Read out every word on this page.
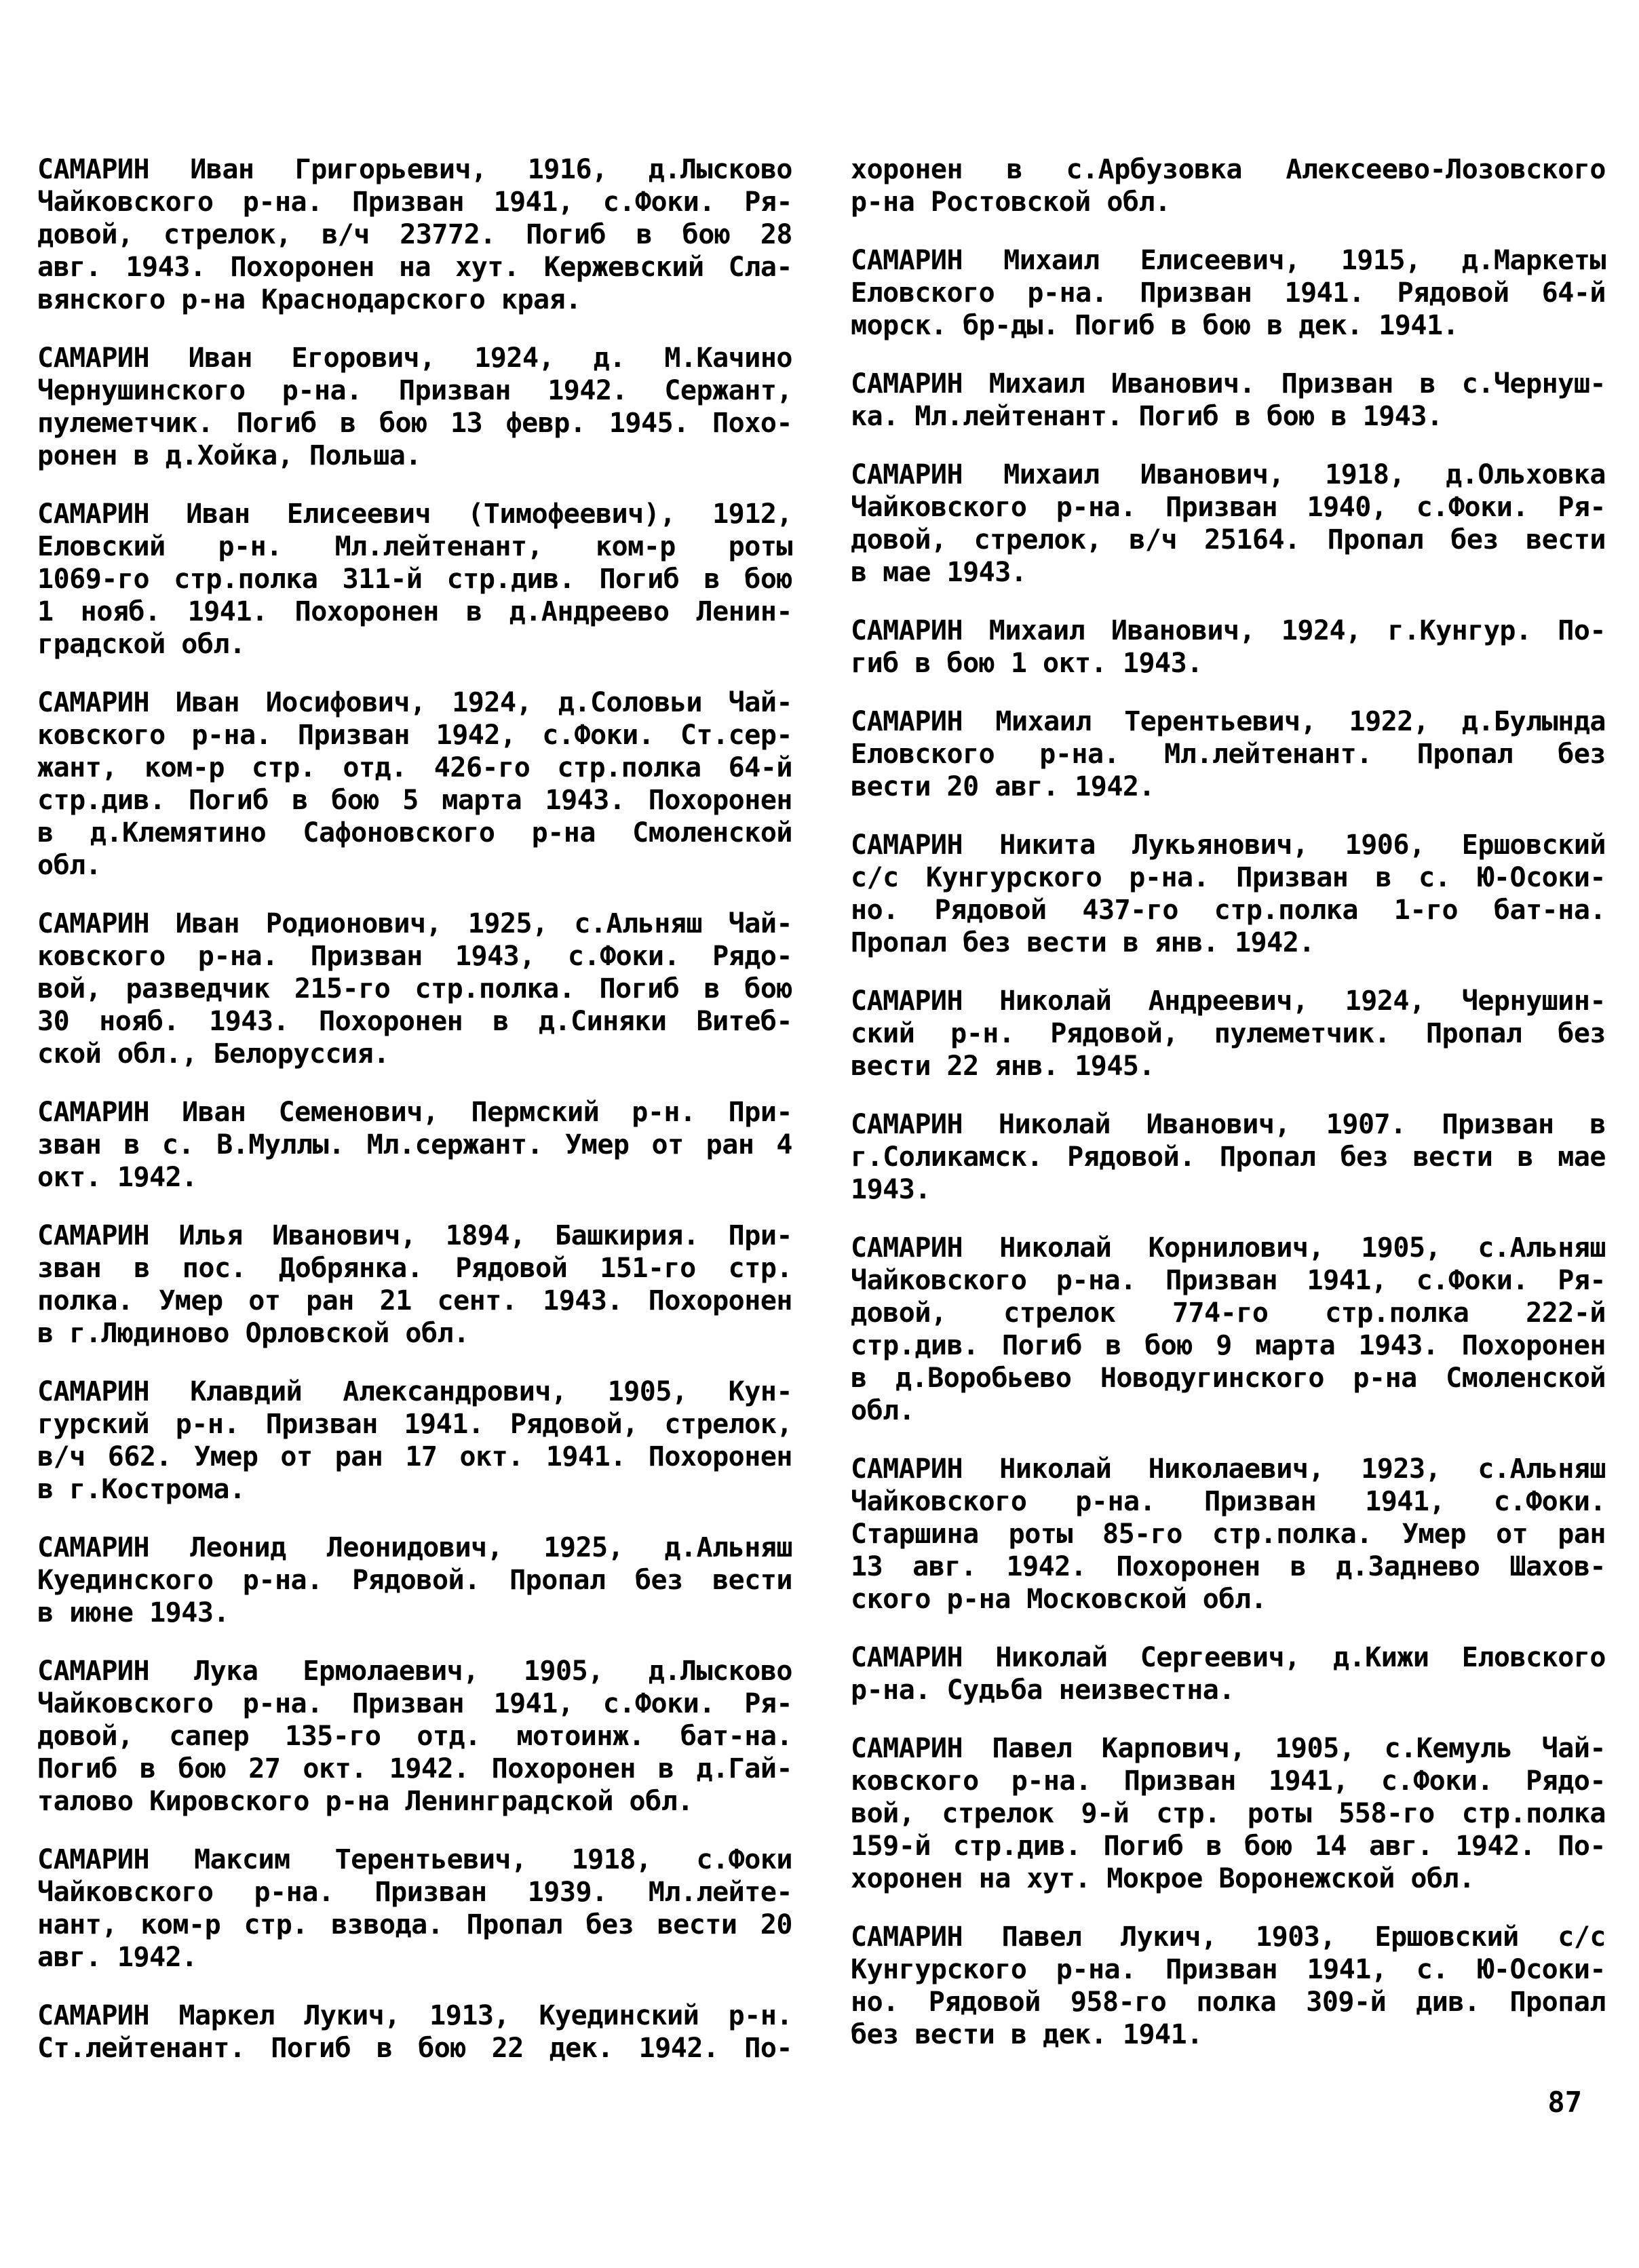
САМАРИН Иван Григорьевич, 1916, д.Лысково
Чайковского р-на. Призван 1941, с.Фоки. Ря-
довой, стрелок, в/ч 23772. Погиб в бою 28
авг. 1943. Похоронен на хут. Кержевский Сла-
вянского р-на Краснодарского края.
САМАРИН Иван Егорович, 1924, д. М.Качино
Чернушинского р-на. Призван 1942. Сержант,
пулеметчик. Погиб в бою 13 февр. 1945. Похо-
ронен в д.Хойка, Польша.
САМАРИН Иван Елисеевич (Тимофеевич), 1912,
Еловский р-н. Мл.лейтенант, ком-р роты
1069-го стр.полка 311-й стр.див. Погиб в бою
1 нояб. 1941. Похоронен в д.Андреево Ленин-
градской обл.
САМАРИН Иван Иосифович, 1924, д.Соловьи Чай-
ковского р-на. Призван 1942, с.Фоки. Ст.сер-
жант, ком-р стр. отд. 426-го стр.полка 64-й
стр.див. Погиб в бою 5 марта 1943. Похоронен
в д.Клемятино Сафоновского р-на Смоленской
обл.
САМАРИН Иван Родионович, 1925, с.Альняш Чай-
ковского р-на. Призван 1943, с.Фоки. Рядо-
вой, разведчик 215-го стр.полка. Погиб в бою
30 нояб. 1943. Похоронен в д.Синяки Витеб-
ской обл., Белоруссия.
САМАРИН Иван Семенович, Пермский р-н. При-
зван в с. В.Муллы. Мл.сержант. Умер от ран 4
окт. 1942.
САМАРИН Илья Иванович, 1894, Башкирия. При-
зван в пос. Добрянка. Рядовой 151-го стр.
полка. Умер от ран 21 сент. 1943. Похоронен
в г.Людиново Орловской обл.
САМАРИН Клавдий Александрович, 1905, Кун-
гурский р-н. Призван 1941. Рядовой, стрелок,
в/ч 662. Умер от ран 17 окт. 1941. Похоронен
в г.Кострома.
САМАРИН Леонид Леонидович, 1925, д.Альняш
Куединского р-на. Рядовой. Пропал без вести
в июне 1943.
САМАРИН Лука Ермолаевич, 1905, д.Лысково
Чайковского р-на. Призван 1941, с.Фоки. Ря-
довой, сапер 135-го отд. мотоинж. бат-на.
Погиб в бою 27 окт. 1942. Похоронен в д.Гай-
талово Кировского р-на Ленинградской обл.
САМАРИН Максим Терентьевич, 1918, с.Фоки
Чайковского р-на. Призван 1939. Мл.лейте-
нант, ком-р стр. взвода. Пропал без вести 20
авг. 1942.
САМАРИН Маркел Лукич, 1913, Куединский р-н.
Ст.лейтенант. Погиб в бою 22 дек. 1942. По-
хоронен в с.Арбузовка Алексеево-Лозовского
р-на Ростовской обл.
САМАРИН Михаил Елисеевич, 1915, д.Маркеты
Еловского р-на. Призван 1941. Рядовой 64-й
морск. бр-ды. Погиб в бою в дек. 1941.
САМАРИН Михаил Иванович. Призван в с.Чернуш-
ка. Мл.лейтенант. Погиб в бою в 1943.
САМАРИН Михаил Иванович, 1918, д.Ольховка
Чайковского р-на. Призван 1940, с.Фоки. Ря-
довой, стрелок, в/ч 25164. Пропал без вести
в мае 1943.
САМАРИН Михаил Иванович, 1924, г.Кунгур. По-
гиб в бою 1 окт. 1943.
САМАРИН Михаил Терентьевич, 1922, д.Булында
Еловского р-на. Мл.лейтенант. Пропал без
вести 20 авг. 1942.
САМАРИН Никита Лукьянович, 1906, Ершовский
с/с Кунгурского р-на. Призван в с. Ю-Осоки-
но. Рядовой 437-го стр.полка 1-го бат-на.
Пропал без вести в янв. 1942.
САМАРИН Николай Андреевич, 1924, Чернушин-
ский р-н. Рядовой, пулеметчик. Пропал без
вести 22 янв. 1945.
САМАРИН Николай Иванович, 1907. Призван в
г.Соликамск. Рядовой. Пропал без вести в мае
1943.
САМАРИН Николай Корнилович, 1905, с.Альняш
Чайковского р-на. Призван 1941, с.Фоки. Ря-
довой, стрелок 774-го стр.полка 222-й
стр.див. Погиб в бою 9 марта 1943. Похоронен
в д.Воробьево Новодугинского р-на Смоленской
обл.
САМАРИН Николай Николаевич, 1923, с.Альняш
Чайковского р-на. Призван 1941, с.Фоки.
Старшина роты 85-го стр.полка. Умер от ран
13 авг. 1942. Похоронен в д.Заднево Шахов-
ского р-на Московской обл.
САМАРИН Николай Сергеевич, д.Кижи Еловского
р-на. Судьба неизвестна.
САМАРИН Павел Карпович, 1905, с.Кемуль Чай-
ковского р-на. Призван 1941, с.Фоки. Рядо-
вой, стрелок 9-й стр. роты 558-го стр.полка
159-й стр.див. Погиб в бою 14 авг. 1942. По-
хоронен на хут. Мокрое Воронежской обл.
САМАРИН Павел Лукич, 1903, Ершовский с/с
Кунгурского р-на. Призван 1941, с. Ю-Осоки-
но. Рядовой 958-го полка 309-й див. Пропал
без вести в дек. 1941.
87
